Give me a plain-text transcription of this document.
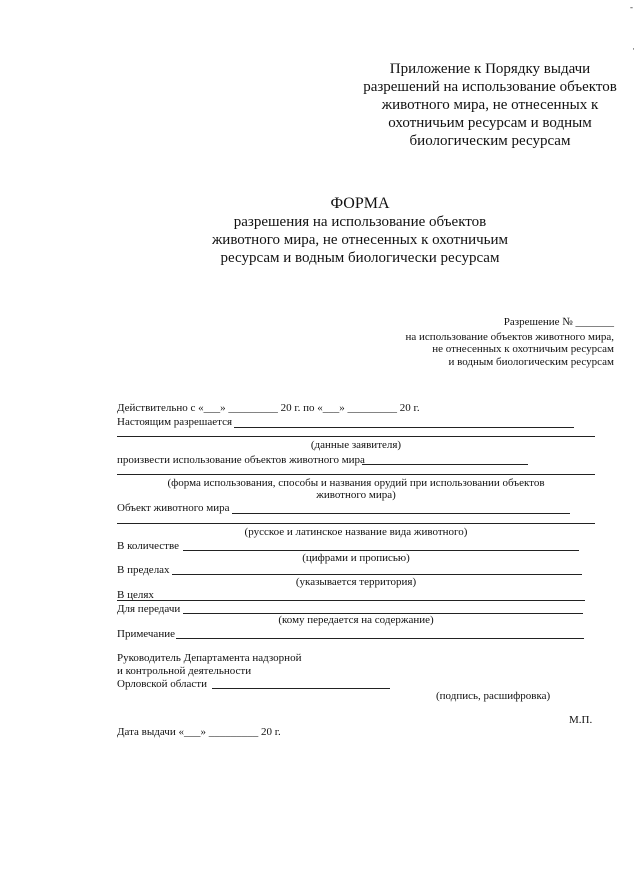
‐
·
Приложение к Порядку выдачи
разрешений на использование объектов
животного мира, не отнесенных к
охотничьим ресурсам и водным
биологическим ресурсам
ФОРМА
разрешения на использование объектов
животного мира, не отнесенных к охотничьим
ресурсам и водным биологически ресурсам
Разрешение № _______
на использование объектов животного мира,
не отнесенных к охотничьим ресурсам
и водным биологическим ресурсам
Действительно с «___» _________ 20 г. по «___» _________ 20 г.
Настоящим разрешается
(данные заявителя)
произвести использование объектов животного мира
(форма использования, способы и названия орудий при использовании объектов
животного мира)
Объект животного мира
(русское и латинское название вида животного)
В количестве
(цифрами и прописью)
В пределах
(указывается территория)
В целях
Для передачи
(кому передается на содержание)
Примечание
Руководитель Департамента надзорной
и контрольной деятельности
Орловской области
(подпись, расшифровка)
М.П.
Дата выдачи «___» _________ 20 г.
